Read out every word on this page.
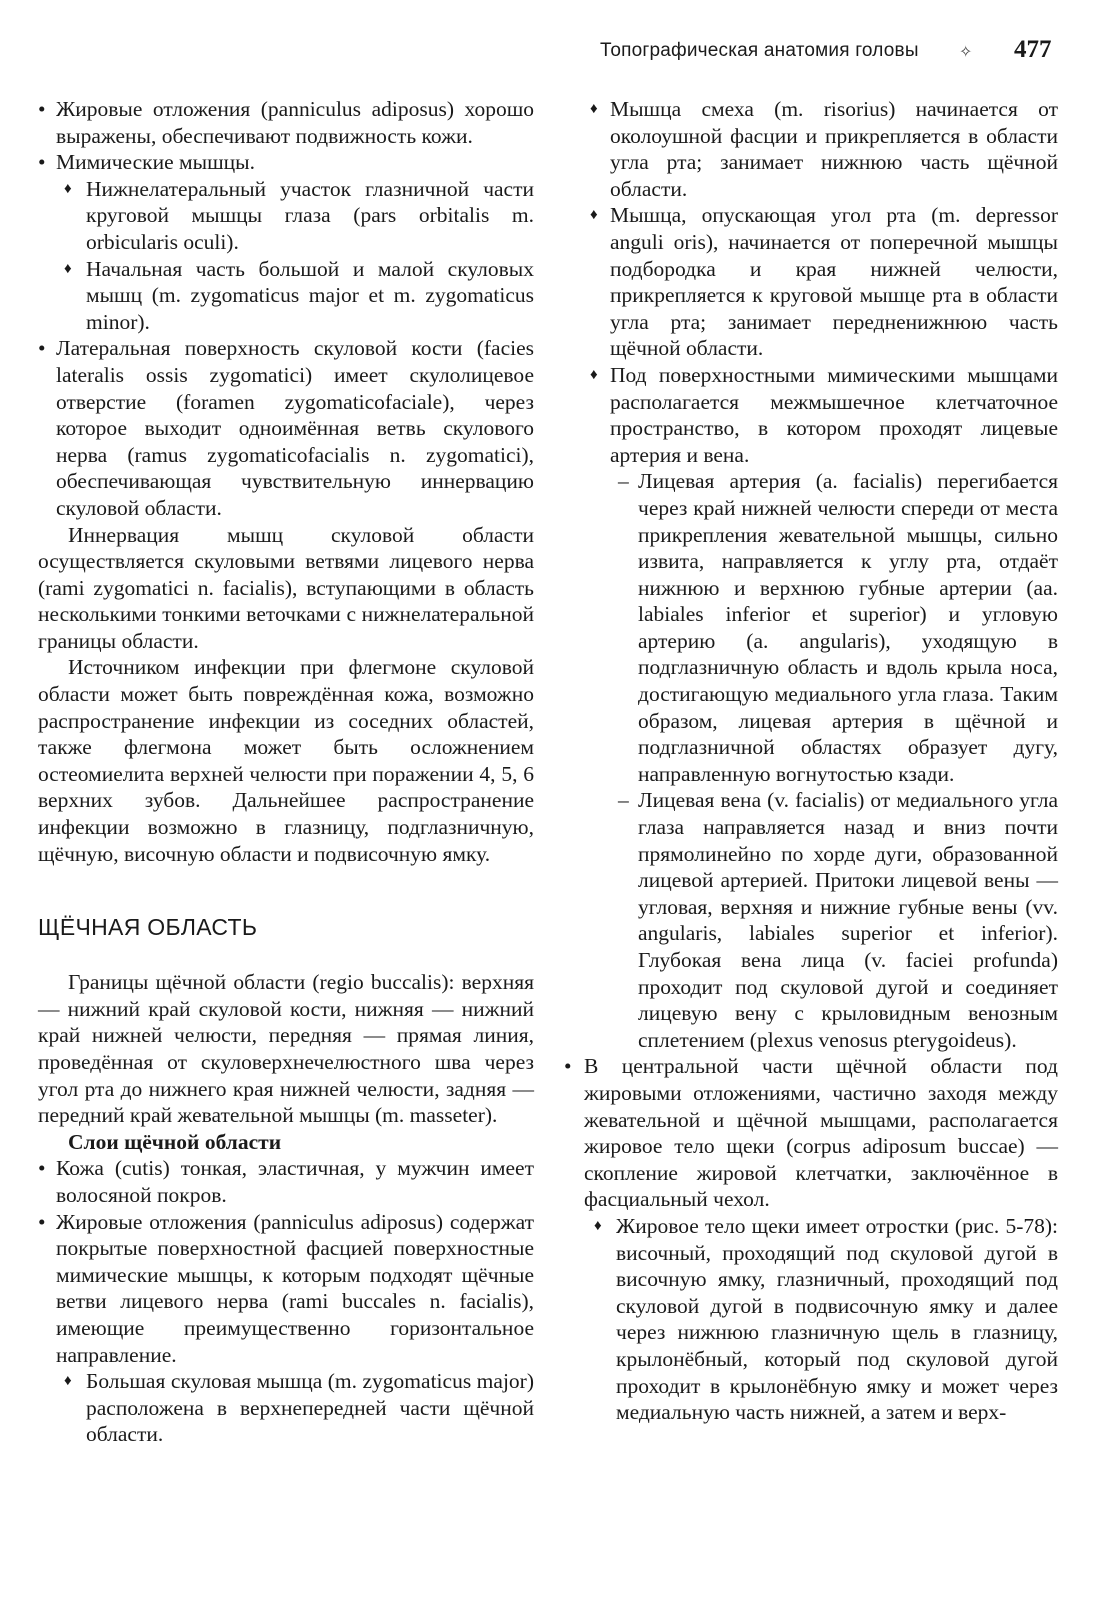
Топографическая анатомия головы	✧ 477

• Жировые отложения (panniculus adiposus) хорошо выражены, обеспечивают подвижность кожи.

• Мимические мышцы.

♦ Нижнелатеральный участок глазничной части круговой мышцы глаза (pars orbitalis m. orbicularis oculi).

♦ Начальная часть большой и малой скуловых мышц (m. zygomaticus major et m. zygomaticus minor).

• Латеральная поверхность скуловой кости (facies lateralis ossis zygomatici) имеет скулолицевое отверстие (foramen zygomaticofaciale), через которое выходит одноимённая ветвь скулового нерва (ramus zygomaticofacialis n. zygomatici), обеспечивающая чувствительную иннервацию скуловой области.

Иннервация мышц скуловой области осуществляется скуловыми ветвями лицевого нерва (rami zygomatici n. facialis), вступающими в область несколькими тонкими веточками с нижнелатеральной границы области.

Источником инфекции при флегмоне скуловой области может быть повреждённая кожа, возможно распространение инфекции из соседних областей, также флегмона может быть осложнением остеомиелита верхней челюсти при поражении 4, 5, 6 верхних зубов. Дальнейшее распространение инфекции возможно в глазницу, подглазничную, щёчную, височную области и подвисочную ямку.

ЩЁЧНАЯ ОБЛАСТЬ

Границы щёчной области (regio buccalis): верхняя — нижний край скуловой кости, нижняя — нижний край нижней челюсти, передняя — прямая линия, проведённая от скуловерхнечелюстного шва через угол рта до нижнего края нижней челюсти, задняя — передний край жевательной мышцы (m. masseter).

Слои щёчной области

• Кожа (cutis) тонкая, эластичная, у мужчин имеет волосяной покров.

• Жировые отложения (panniculus adiposus) содержат покрытые поверхностной фасцией поверхностные мимические мышцы, к которым подходят щёчные ветви лицевого нерва (rami buccales n. facialis), имеющие преимущественно горизонтальное направление.

♦ Большая скуловая мышца (m. zygomaticus major) расположена в верхнепередней части щёчной области.

♦ Мышца смеха (m. risorius) начинается от околоушной фасции и прикрепляется в области угла рта; занимает нижнюю часть щёчной области.

♦ Мышца, опускающая угол рта (m. depressor anguli oris), начинается от поперечной мышцы подбородка и края нижней челюсти, прикрепляется к круговой мышце рта в области угла рта; занимает передненижнюю часть щёчной области.

♦ Под поверхностными мимическими мышцами располагается межмышечное клетчаточное пространство, в котором проходят лицевые артерия и вена.

– Лицевая артерия (a. facialis) перегибается через край нижней челюсти спереди от места прикрепления жевательной мышцы, сильно извита, направляется к углу рта, отдаёт нижнюю и верхнюю губные артерии (aa. labiales inferior et superior) и угловую артерию (a. angularis), уходящую в подглазничную область и вдоль крыла носа, достигающую медиального угла глаза. Таким образом, лицевая артерия в щёчной и подглазничной областях образует дугу, направленную вогнутостью кзади.

– Лицевая вена (v. facialis) от медиального угла глаза направляется назад и вниз почти прямолинейно по хорде дуги, образованной лицевой артерией. Притоки лицевой вены — угловая, верхняя и нижние губные вены (vv. angularis, labiales superior et inferior). Глубокая вена лица (v. faciei profunda) проходит под скуловой дугой и соединяет лицевую вену с крыловидным венозным сплетением (plexus venosus pterygoideus).

• В центральной части щёчной области под жировыми отложениями, частично заходя между жевательной и щёчной мышцами, располагается жировое тело щеки (corpus adiposum buccae) — скопление жировой клетчатки, заключённое в фасциальный чехол.

♦ Жировое тело щеки имеет отростки (рис. 5-78): височный, проходящий под скуловой дугой в височную ямку, глазничный, проходящий под скуловой дугой в подвисочную ямку и далее через нижнюю глазничную щель в глазницу, крылонёбный, который под скуловой дугой проходит в крылонёбную ямку и может через медиальную часть нижней, а затем и верх-
